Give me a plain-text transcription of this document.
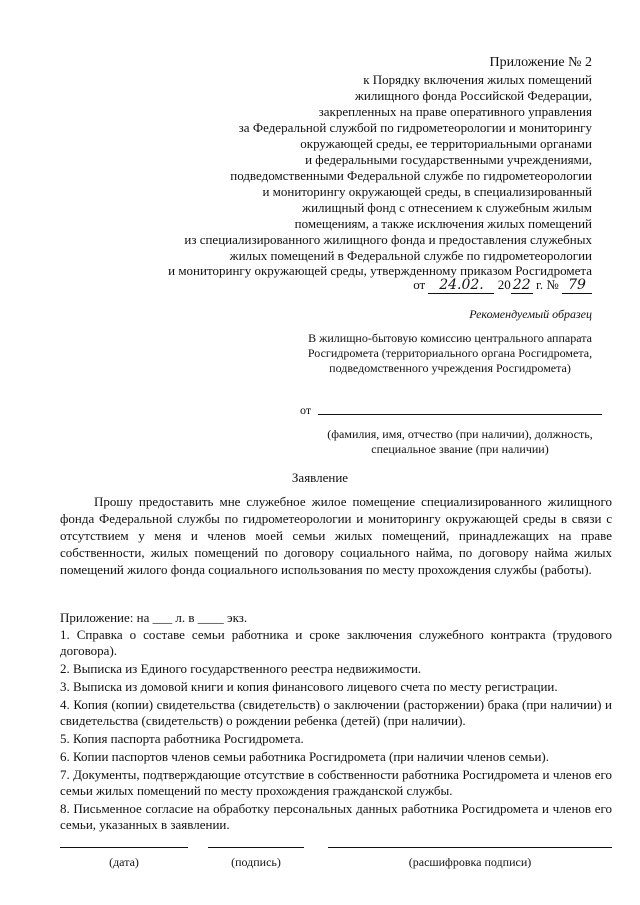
Приложение № 2
к Порядку включения жилых помещений
жилищного фонда Российской Федерации,
закрепленных на праве оперативного управления
за Федеральной службой по гидрометеорологии и мониторингу
окружающей среды, ее территориальными органами
и федеральными государственными учреждениями,
подведомственными Федеральной службе по гидрометеорологии
и мониторингу окружающей среды, в специализированный
жилищный фонд с отнесением к служебным жилым
помещениям, а также исключения жилых помещений
из специализированного жилищного фонда и предоставления служебных
жилых помещений в Федеральной службе по гидрометеорологии
и мониторингу окружающей среды, утвержденному приказом Росгидромета
от 24.02. 20 22 г. № 79
Рекомендуемый образец
В жилищно-бытовую комиссию центрального аппарата Росгидромета (территориального органа Росгидромета, подведомственного учреждения Росгидромета)
от
(фамилия, имя, отчество (при наличии), должность, специальное звание (при наличии)
Заявление
Прошу предоставить мне служебное жилое помещение специализированного жилищного фонда Федеральной службы по гидрометеорологии и мониторингу окружающей среды в связи с отсутствием у меня и членов моей семьи жилых помещений, принадлежащих на праве собственности, жилых помещений по договору социального найма, по договору найма жилых помещений жилого фонда социального использования по месту прохождения службы (работы).
Приложение: на ___ л. в ____ экз.
1. Справка о составе семьи работника и сроке заключения служебного контракта (трудового договора).
2. Выписка из Единого государственного реестра недвижимости.
3. Выписка из домовой книги и копия финансового лицевого счета по месту регистрации.
4. Копия (копии) свидетельства (свидетельств) о заключении (расторжении) брака (при наличии) и свидетельства (свидетельств) о рождении ребенка (детей) (при наличии).
5. Копия паспорта работника Росгидромета.
6. Копии паспортов членов семьи работника Росгидромета (при наличии членов семьи).
7. Документы, подтверждающие отсутствие в собственности работника Росгидромета и членов его семьи жилых помещений по месту прохождения гражданской службы.
8. Письменное согласие на обработку персональных данных работника Росгидромета и членов его семьи, указанных в заявлении.
(дата)	(подпись)	(расшифровка подписи)
